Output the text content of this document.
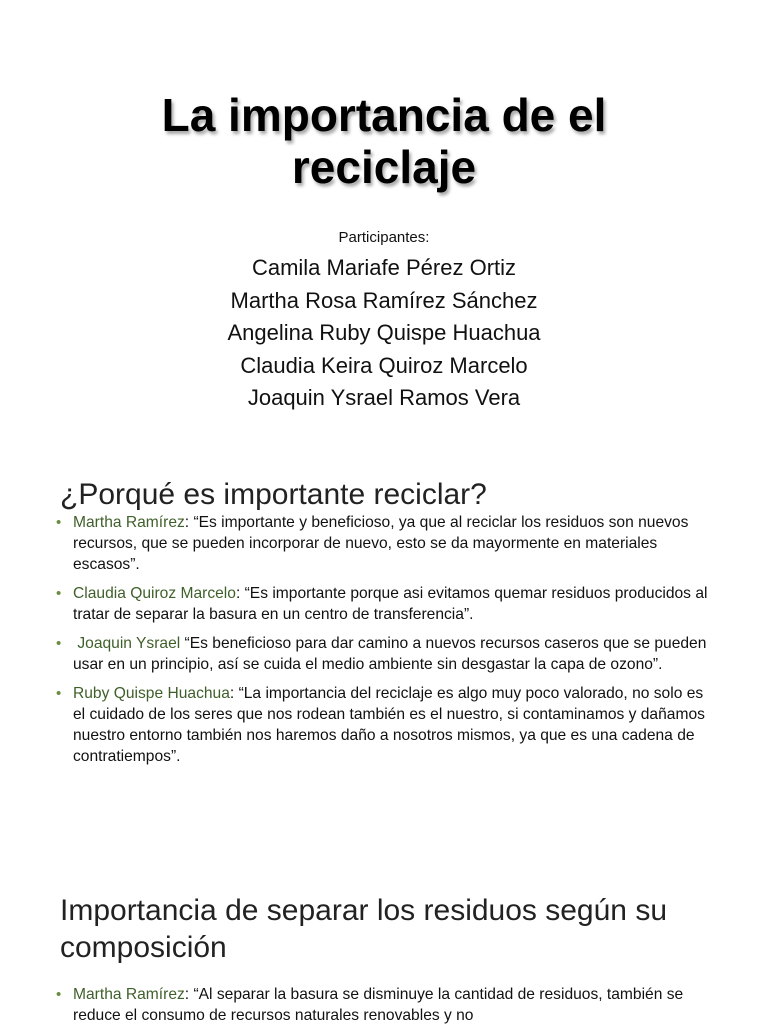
La importancia de el
reciclaje
Participantes:
Camila Mariafe Pérez Ortiz
Martha Rosa Ramírez Sánchez
Angelina Ruby Quispe Huachua
Claudia Keira Quiroz Marcelo
Joaquin Ysrael Ramos Vera
¿Porqué es importante reciclar?
• Martha Ramírez: “Es importante y beneficioso, ya que al reciclar los residuos son nuevos recursos, que se pueden incorporar de nuevo, esto se da mayormente en materiales escasos”.
• Claudia Quiroz Marcelo: “Es importante porque asi evitamos quemar residuos producidos al tratar de separar la basura en un centro de transferencia”.
• Joaquin Ysrael “Es beneficioso para dar camino a nuevos recursos caseros que se pueden usar en un principio, así se cuida el medio ambiente sin desgastar la capa de ozono”.
• Ruby Quispe Huachua: “La importancia del reciclaje es algo muy poco valorado, no solo es el cuidado de los seres que nos rodean también es el nuestro, si contaminamos y dañamos nuestro entorno también nos haremos daño a nosotros mismos, ya que es una cadena de contratiempos”.
Importancia de separar los residuos según su composición
• Martha Ramírez: “Al separar la basura se disminuye la cantidad de residuos, también se reduce el consumo de recursos naturales renovables y no
